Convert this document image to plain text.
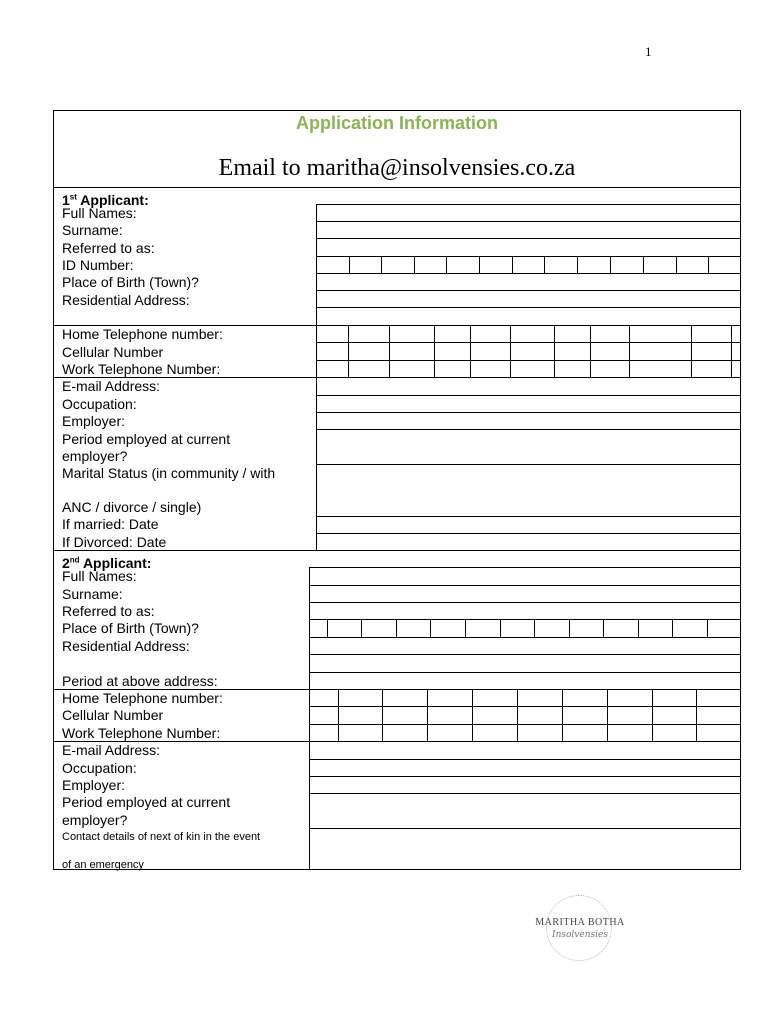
1
Application Information
Email to maritha@insolvensies.co.za
1st Applicant:
Full Names:
Surname:
Referred to as:
ID Number:
Place of Birth (Town)?
Residential Address:
Home Telephone number:
Cellular Number
Work Telephone Number:
E-mail Address:
Occupation:
Employer:
Period employed at current
employer?
Marital Status (in community / with
ANC / divorce / single)
If married: Date
If Divorced: Date
2nd Applicant:
Full Names:
Surname:
Referred to as:
Place of Birth (Town)?
Residential Address:
Period at above address:
Home Telephone number:
Cellular Number
Work Telephone Number:
E-mail Address:
Occupation:
Employer:
Period employed at current
employer?
Contact details of next of kin in the event
of an emergency
MARITHA BOTHA
Insolvensies
